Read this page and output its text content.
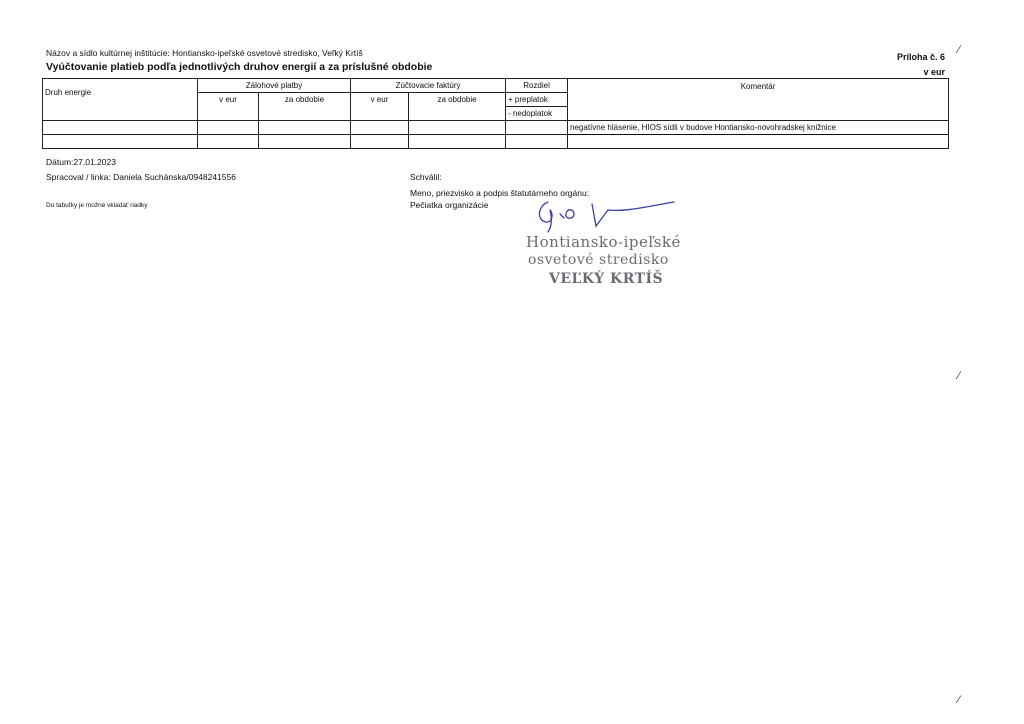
Názov a sídlo kultúrnej inštitúcie: Hontiansko-ipeľské osvetové stredisko, Veľký Krtíš
Vyúčtovanie platieb podľa jednotlivých druhov energií a za príslušné obdobie
Príloha č. 6
v eur
Druh energie	Zálohové platby		Zúčtovacie faktúry		Rozdiel	Komentár
	v eur	za obdobie	v eur	za obdobie	+ preplatok	
					- nedoplatok	
						negatívne hlásenie, HIOS sídli v budove Hontiansko-novohradskej knižnice

Dátum:27.01.2023
Spracoval / linka: Daniela Suchánska/0948241556
Do tabuľky je možné vkladať riadky
Schválil:
Meno, priezvisko a podpis štatutárneho orgánu:
Pečiatka organizácie
Hontiansko-ipeľské
osvetové stredisko
VEĽKÝ KRTÍŠ
⁄
⁄
⁄
